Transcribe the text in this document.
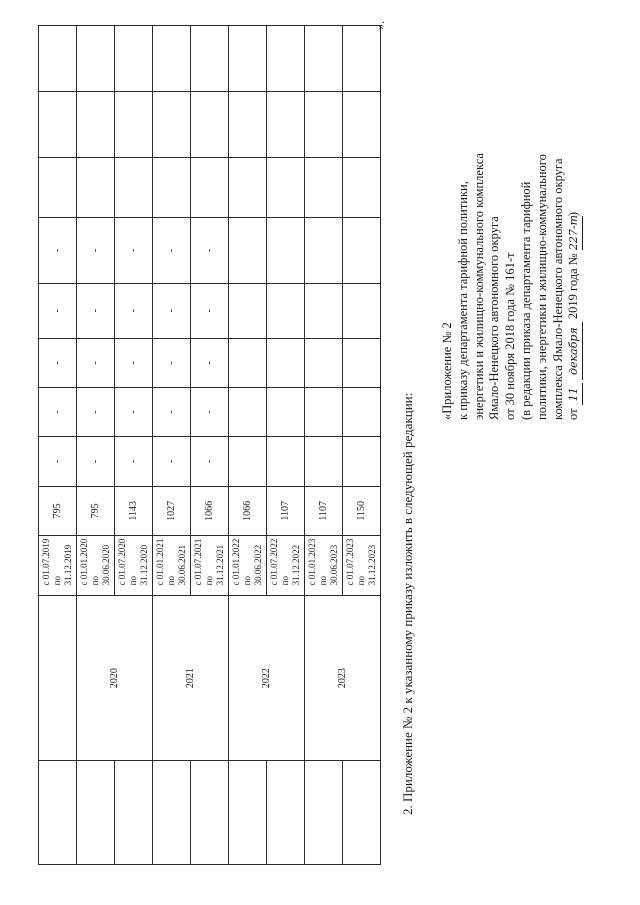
		с 01.07.2019 по 31.12.2019	795	-	-	-	-	-			
	2020	с 01.01.2020 по 30.06.2020	795	-	-	-	-	-			

		с 01.07.2020 по 31.12.2020	1143	-	-	-	-	-			
	2021	с 01.01.2021 по 30.06.2021	1027	-	-	-	-	-			

		с 01.07.2021 по 31.12.2021	1066	-	-	-	-	-			
	2022	с 01.01.2022 по 30.06.2022	1066								

		с 01.07.2022 по 31.12.2022	1107								
	2023	с 01.01.2023 по 30.06.2023	1107								

		с 01.07.2023 по 31.12.2023	1150								
».
2. Приложение № 2 к указанному приказу изложить в следующей редакции:
«Приложение № 2 к приказу департамента тарифной политики, энергетики и жилищно-коммунального комплекса Ямало-Ненецкого автономного округа от 30 ноября 2018 года № 161-т (в редакции приказа департамента тарифной политики, энергетики и жилищно-коммунального комплекса Ямало-Ненецкого автономного округа от 11 декабря 2019 года № 227-т)
